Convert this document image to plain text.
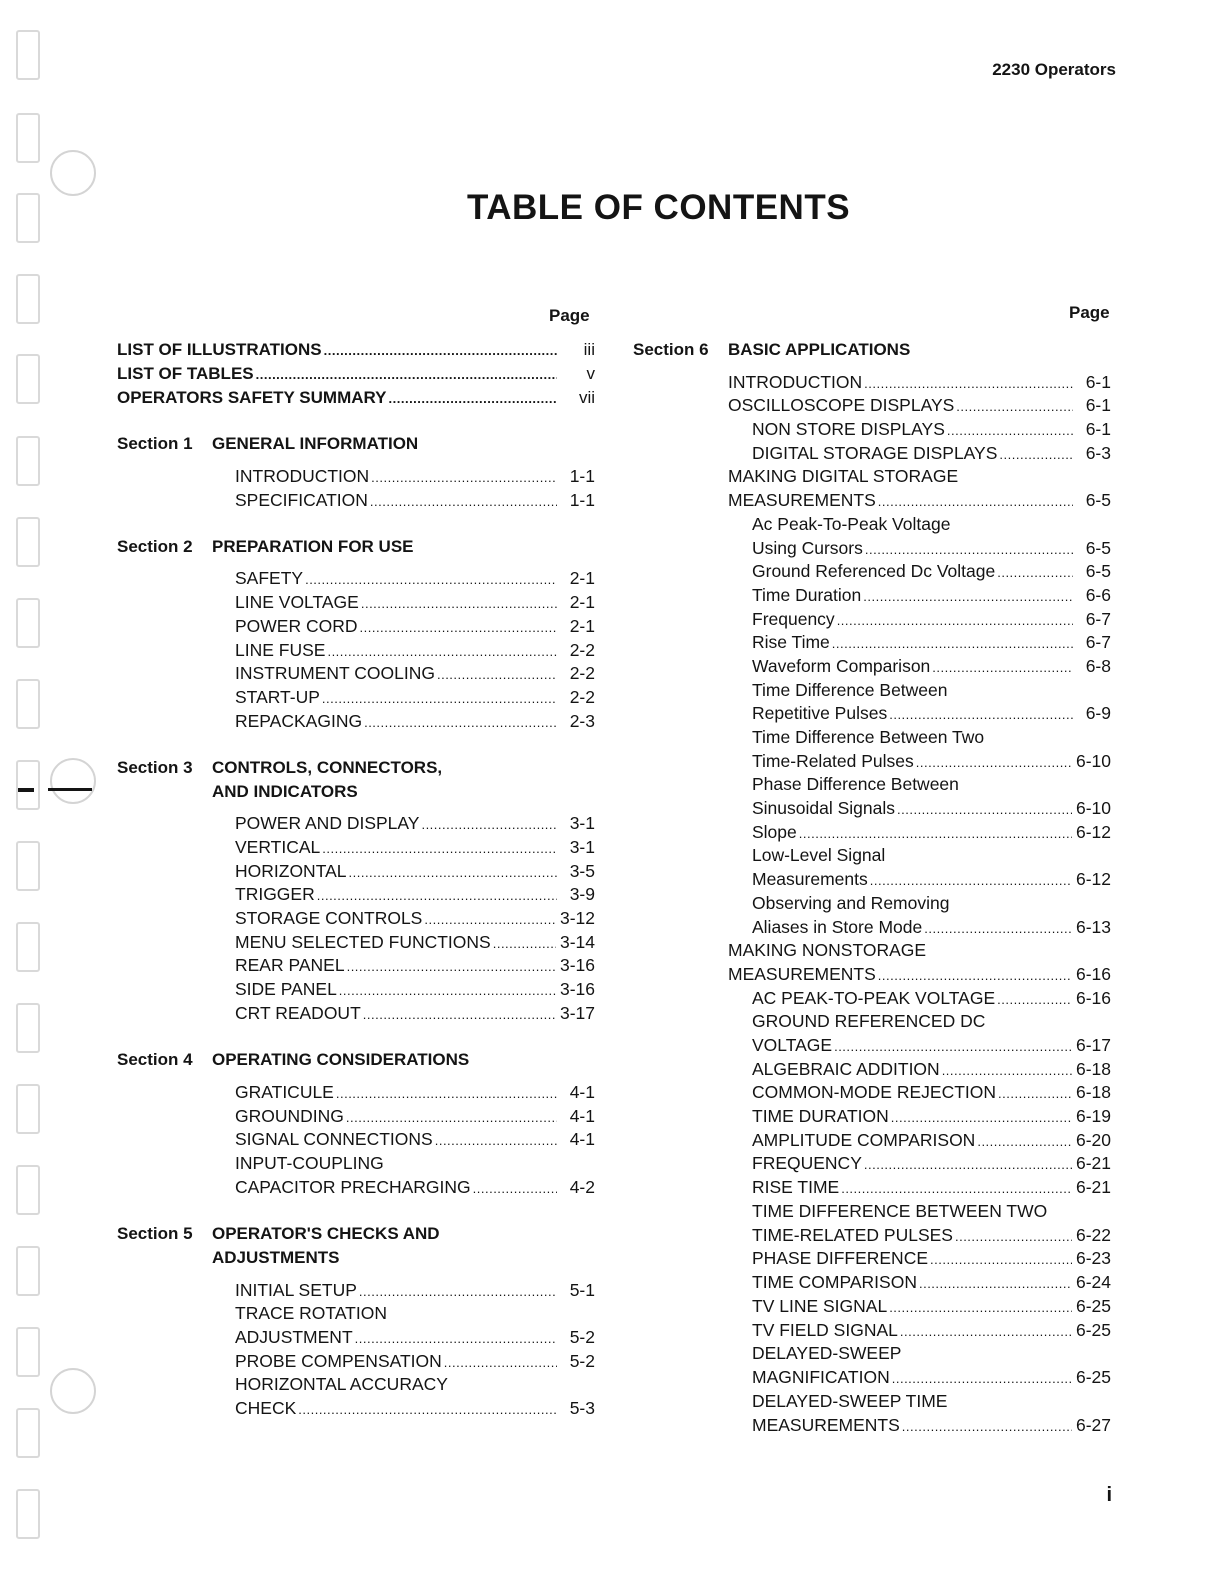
2230 Operators
TABLE OF CONTENTS
Page	Page
LIST OF ILLUSTRATIONS .....	iii
LIST OF TABLES .....	v
OPERATORS SAFETY SUMMARY .....	vii
Section 1 GENERAL INFORMATION
INTRODUCTION .....	1-1
SPECIFICATION .....	1-1
Section 2 PREPARATION FOR USE
SAFETY .....	2-1
LINE VOLTAGE .....	2-1
POWER CORD .....	2-1
LINE FUSE .....	2-2
INSTRUMENT COOLING .....	2-2
START-UP .....	2-2
REPACKAGING .....	2-3
Section 3 CONTROLS, CONNECTORS,
AND INDICATORS
POWER AND DISPLAY .....	3-1
VERTICAL .....	3-1
HORIZONTAL .....	3-5
TRIGGER .....	3-9
STORAGE CONTROLS .....	3-12
MENU SELECTED FUNCTIONS .....	3-14
REAR PANEL .....	3-16
SIDE PANEL .....	3-16
CRT READOUT .....	3-17
Section 4 OPERATING CONSIDERATIONS
GRATICULE .....	4-1
GROUNDING .....	4-1
SIGNAL CONNECTIONS .....	4-1
INPUT-COUPLING
CAPACITOR PRECHARGING .....	4-2
Section 5 OPERATOR'S CHECKS AND
ADJUSTMENTS
INITIAL SETUP .....	5-1
TRACE ROTATION
ADJUSTMENT .....	5-2
PROBE COMPENSATION .....	5-2
HORIZONTAL ACCURACY
CHECK .....	5-3
Section 6 BASIC APPLICATIONS
INTRODUCTION .....	6-1
OSCILLOSCOPE DISPLAYS .....	6-1
NON STORE DISPLAYS .....	6-1
DIGITAL STORAGE DISPLAYS .....	6-3
MAKING DIGITAL STORAGE
MEASUREMENTS .....	6-5
Ac Peak-To-Peak Voltage
Using Cursors .....	6-5
Ground Referenced Dc Voltage .....	6-5
Time Duration .....	6-6
Frequency .....	6-7
Rise Time .....	6-7
Waveform Comparison .....	6-8
Time Difference Between
Repetitive Pulses .....	6-9
Time Difference Between Two
Time-Related Pulses .....	6-10
Phase Difference Between
Sinusoidal Signals .....	6-10
Slope .....	6-12
Low-Level Signal
Measurements .....	6-12
Observing and Removing
Aliases in Store Mode .....	6-13
MAKING NONSTORAGE
MEASUREMENTS .....	6-16
AC PEAK-TO-PEAK VOLTAGE .....	6-16
GROUND REFERENCED DC
VOLTAGE .....	6-17
ALGEBRAIC ADDITION .....	6-18
COMMON-MODE REJECTION .....	6-18
TIME DURATION .....	6-19
AMPLITUDE COMPARISON .....	6-20
FREQUENCY .....	6-21
RISE TIME .....	6-21
TIME DIFFERENCE BETWEEN TWO
TIME-RELATED PULSES .....	6-22
PHASE DIFFERENCE .....	6-23
TIME COMPARISON .....	6-24
TV LINE SIGNAL .....	6-25
TV FIELD SIGNAL .....	6-25
DELAYED-SWEEP
MAGNIFICATION .....	6-25
DELAYED-SWEEP TIME
MEASUREMENTS .....	6-27
i
